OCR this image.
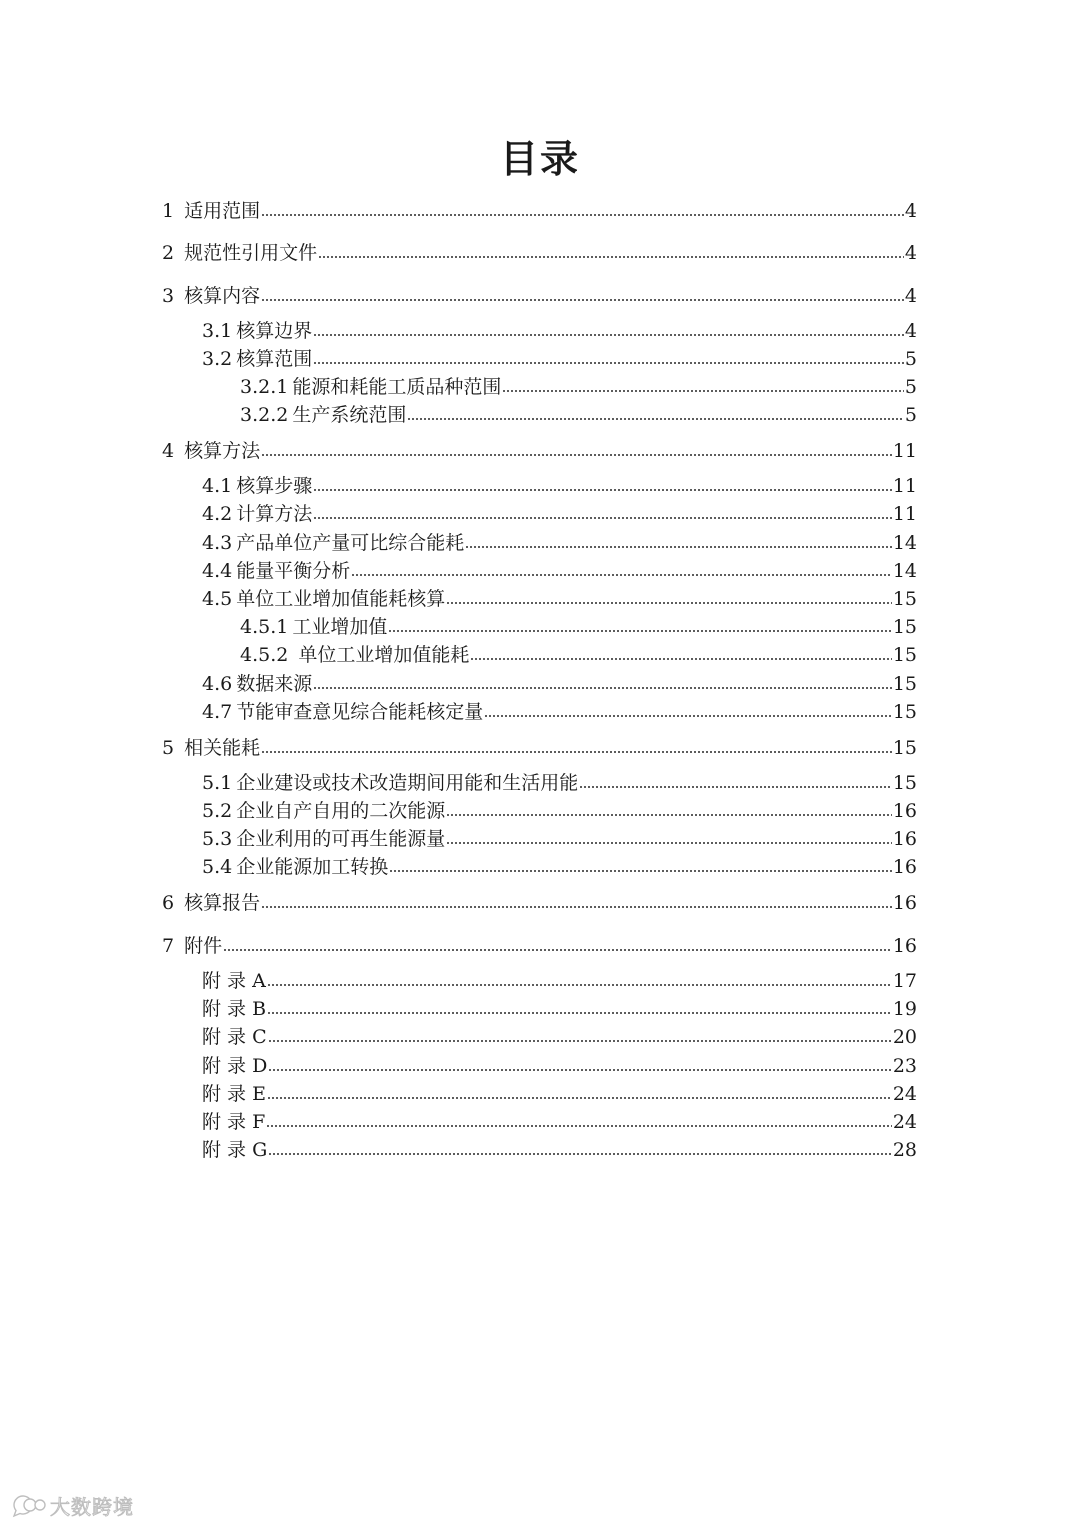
目录
1 适用范围	4
2 规范性引用文件	4
3 核算内容	4
3.1 核算边界	4
3.2 核算范围	5
3.2.1 能源和耗能工质品种范围	5
3.2.2 生产系统范围	5
4 核算方法	11
4.1 核算步骤	11
4.2 计算方法	11
4.3 产品单位产量可比综合能耗	14
4.4 能量平衡分析	14
4.5 单位工业增加值能耗核算	15
4.5.1 工业增加值	15
4.5.2 单位工业增加值能耗	15
4.6 数据来源	15
4.7 节能审查意见综合能耗核定量	15
5 相关能耗	15
5.1 企业建设或技术改造期间用能和生活用能	15
5.2 企业自产自用的二次能源	16
5.3 企业利用的可再生能源量	16
5.4 企业能源加工转换	16
6 核算报告	16
7 附件	16
附 录 A	17
附 录 B	19
附 录 C	20
附 录 D	23
附 录 E	24
附 录 F	24
附 录 G	28
大数跨境
